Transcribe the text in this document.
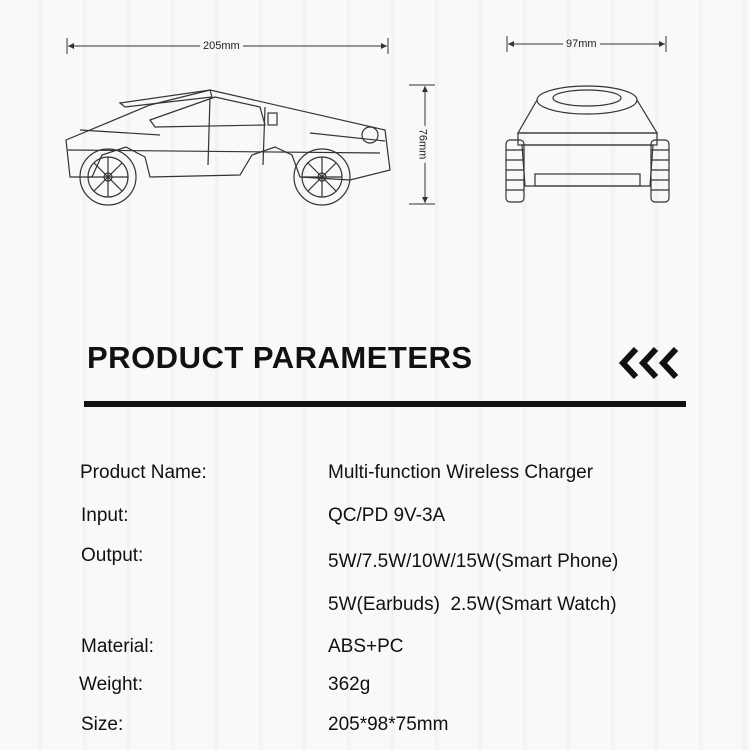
205mm	97mm
76mm
PRODUCT PARAMETERS
Product Name:	Multi-function Wireless Charger
Input:	QC/PD 9V-3A
Output:	5W/7.5W/10W/15W(Smart Phone)
5W(Earbuds)  2.5W(Smart Watch)
Material:	ABS+PC
Weight:	362g
Size:	205*98*75mm
